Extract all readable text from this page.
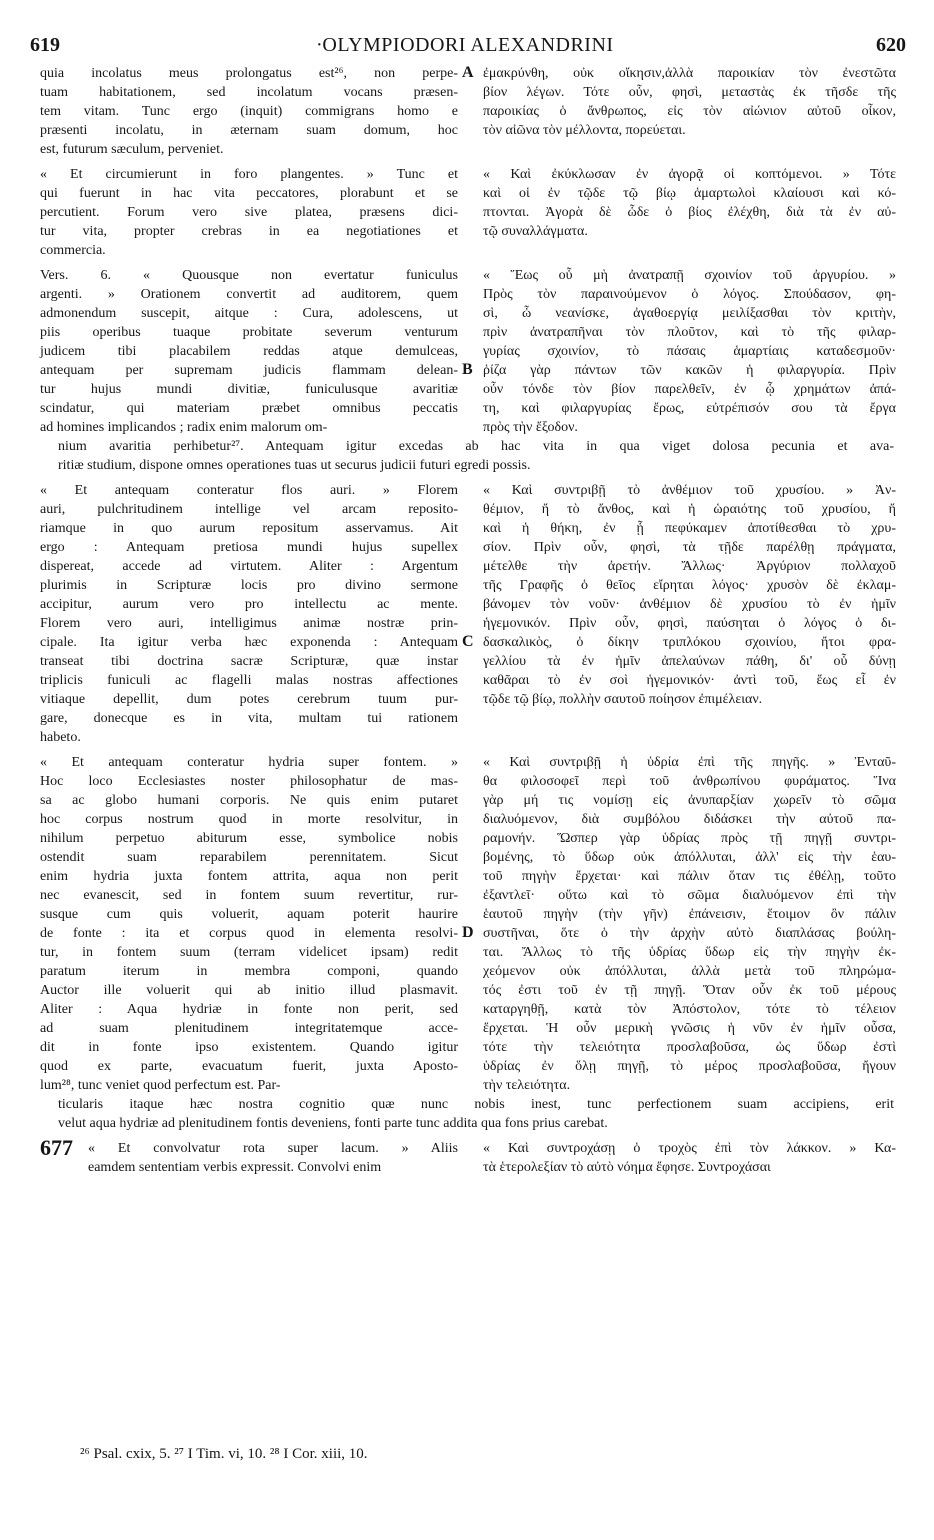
619	· OLYMPIODORI ALEXANDRINI	620
quia incolatus meus prolongatus est²⁶, non perpe-
tuam habitationem, sed incolatum vocans præsen-
tem vitam. Tunc ergo (inquit) commigrans homo e
præsenti incolatu, in æternam suam domum, hoc
est, futurum sæculum, perveniet.
ἐμακρύνθη, οὐκ οἴκησιν,ἀλλὰ παροικίαν τὸν ἐνεστῶτα
βίον λέγων. Τότε οὖν, φησὶ, μεταστὰς ἐκ τῆσδε τῆς
παροικίας ὁ ἄνθρωπος, εἰς τὸν αἰώνιον αὐτοῦ οἶκον,
τὸν αἰῶνα τὸν μέλλοντα, πορεύεται.
A
« Et circumierunt in foro plangentes. » Tunc et
qui fuerunt in hac vita peccatores, plorabunt et se
percutient. Forum vero sive platea, præsens dici-
tur vita, propter crebras in ea negotiationes et
commercia.
« Καὶ ἐκύκλωσαν ἐν ἀγορᾷ οἱ κοπτόμενοι. » Τότε
καὶ οἱ ἐν τῷδε τῷ βίῳ ἁμαρτωλοὶ κλαίουσι καὶ κό-
πτονται. Ἀγορὰ δὲ ὧδε ὁ βίος ἐλέχθη, διὰ τὰ ἐν αὐ-
τῷ συναλλάγματα.
Vers. 6. « Quousque non evertatur funiculus
argenti. » Orationem convertit ad auditorem, quem
admonendum suscepit, aitque : Cura, adolescens, ut
piis operibus tuaque probitate severum venturum
judicem tibi placabilem reddas atque demulceas,
antequam per supremam judicis flammam delean-
tur hujus mundi divitiæ, funiculusque avaritiæ
scindatur, qui materiam præbet omnibus peccatis
ad homines implicandos ; radix enim malorum om-
« Ἕως οὗ μὴ ἀνατραπῇ σχοινίον τοῦ ἀργυρίου. »
Πρὸς τὸν παραινούμενον ὁ λόγος. Σπούδασον, φη-
σὶ, ὦ νεανίσκε, ἀγαθοεργίᾳ μειλίξασθαι τὸν κριτὴν,
πρὶν ἀνατραπῆναι τὸν πλοῦτον, καὶ τὸ τῆς φιλαρ-
γυρίας σχοινίον, τὸ πάσαις ἁμαρτίαις καταδεσμοῦν·
ῥίζα γὰρ πάντων τῶν κακῶν ἡ φιλαργυρία. Πρὶν
οὖν τόνδε τὸν βίον παρελθεῖν, ἐν ᾧ χρημάτων ἀπά-
τη, καὶ φιλαργυρίας ἔρως, εὐτρέπισόν σου τὰ ἔργα
πρὸς τὴν ἔξοδον.
nium avaritia perhibetur²⁷. Antequam igitur excedas ab hac vita in qua viget dolosa pecunia et ava-
ritiæ studium, dispone omnes operationes tuas ut securus judicii futuri egredi possis.
B
« Et antequam conteratur flos auri. » Florem
auri, pulchritudinem intellige vel arcam reposito-
riamque in quo aurum repositum asservamus. Ait
ergo : Antequam pretiosa mundi hujus supellex
dispereat, accede ad virtutem. Aliter : Argentum
plurimis in Scripturæ locis pro divino sermone
accipitur, aurum vero pro intellectu ac mente.
Florem vero auri, intelligimus animæ nostræ prin-
cipale. Ita igitur verba hæc exponenda : Antequam
transeat tibi doctrina sacræ Scripturæ, quæ instar
triplicis funiculi ac flagelli malas nostras affectiones
vitiaque depellit, dum potes cerebrum tuum pur-
gare, donecque es in vita, multam tui rationem
habeto.
« Καὶ συντριβῇ τὸ ἀνθέμιον τοῦ χρυσίου. » Ἀν-
θέμιον, ἤ τὸ ἄνθος, καὶ ἡ ὡραιότης τοῦ χρυσίου, ἤ
καὶ ἡ θήκη, ἐν ᾗ πεφύκαμεν ἀποτίθεσθαι τὸ χρυ-
σίον. Πρὶν οὖν, φησὶ, τὰ τῇδε παρέλθῃ πράγματα,
μέτελθε τὴν ἀρετήν. Ἄλλως· Ἀργύριον πολλαχοῦ
τῆς Γραφῆς ὁ θεῖος εἴρηται λόγος· χρυσὸν δὲ ἐκλαμ-
βάνομεν τὸν νοῦν· ἀνθέμιον δὲ χρυσίου τὸ ἐν ἡμῖν
ἡγεμονικόν. Πρὶν οὖν, φησὶ, παύσηται ὁ λόγος ὁ δι-
δασκαλικὸς, ὁ δίκην τριπλόκου σχοινίου, ἤτοι φρα-
γελλίου τὰ ἐν ἡμῖν ἀπελαύνων πάθη, δι' οὗ δύνῃ
καθᾶραι τὸ ἐν σοὶ ἡγεμονικόν· ἀντὶ τοῦ, ἕως εἶ ἐν
τῷδε τῷ βίῳ, πολλὴν σαυτοῦ ποίησον ἐπιμέλειαν.
C
« Et antequam conteratur hydria super fontem. »
Hoc loco Ecclesiastes noster philosophatur de mas-
sa ac globo humani corporis. Ne quis enim putaret
hoc corpus nostrum quod in morte resolvitur, in
nihilum perpetuo abiturum esse, symbolice nobis
ostendit suam reparabilem perennitatem. Sicut
enim hydria juxta fontem attrita, aqua non perit
nec evanescit, sed in fontem suum revertitur, rur-
susque cum quis voluerit, aquam poterit haurire
de fonte : ita et corpus quod in elementa resolvi-
tur, in fontem suum (terram videlicet ipsam) redit
paratum iterum in membra componi, quando
Auctor ille voluerit qui ab initio illud plasmavit.
Aliter : Aqua hydriæ in fonte non perit, sed
ad suam plenitudinem integritatemque acce-
dit in fonte ipso existentem. Quando igitur
quod ex parte, evacuatum fuerit, juxta Aposto-
lum²⁸, tunc veniet quod perfectum est. Par-
« Καὶ συντριβῇ ἡ ὑδρία ἐπὶ τῆς πηγῆς. » Ἐνταῦ-
θα φιλοσοφεῖ περὶ τοῦ ἀνθρωπίνου φυράματος. Ἵνα
γὰρ μή τις νομίσῃ εἰς ἀνυπαρξίαν χωρεῖν τὸ σῶμα
διαλυόμενον, διὰ συμβόλου διδάσκει τὴν αὐτοῦ πα-
ραμονήν. Ὥσπερ γὰρ ὑδρίας πρὸς τῇ πηγῇ συντρι-
βομένης, τὸ ὕδωρ οὐκ ἀπόλλυται, ἀλλ' εἰς τὴν ἑαυ-
τοῦ πηγὴν ἔρχεται· καὶ πάλιν ὅταν τις ἐθέλῃ, τοῦτο
ἐξαντλεῖ· οὕτω καὶ τὸ σῶμα διαλυόμενον ἐπὶ τὴν
ἑαυτοῦ πηγὴν (τὴν γῆν) ἐπάνεισιν, ἕτοιμον ὂν πάλιν
συστῆναι, ὅτε ὁ τὴν ἀρχὴν αὐτὸ διαπλάσας βούλη-
ται. Ἄλλως τὸ τῆς ὑδρίας ὕδωρ εἰς τὴν πηγὴν ἐκ-
χεόμενον οὐκ ἀπόλλυται, ἀλλὰ μετὰ τοῦ πληρώμα-
τός ἐστι τοῦ ἐν τῇ πηγῇ. Ὅταν οὖν ἐκ τοῦ μέρους
καταργηθῇ, κατὰ τὸν Ἀπόστολον, τότε τὸ τέλειον
ἔρχεται. Ἡ οὖν μερικὴ γνῶσις ἡ νῦν ἐν ἡμῖν οὖσα,
τότε τὴν τελειότητα προσλαβοῦσα, ὡς ὕδωρ ἐστὶ
ὑδρίας ἐν ὅλῃ πηγῇ, τὸ μέρος προσλαβοῦσα, ἤγουν
τὴν τελειότητα.
ticularis itaque hæc nostra cognitio quæ nunc nobis inest, tunc perfectionem suam accipiens, erit
velut aqua hydriæ ad plenitudinem fontis deveniens, fonti parte tunc addita qua fons prius carebat.
D
« Et convolvatur rota super lacum. » Aliis
eamdem sententiam verbis expressit. Convolvi enim
« Καὶ συντροχάσῃ ὁ τροχὸς ἐπὶ τὸν λάκκον. » Κα-
τὰ ἑτερολεξίαν τὸ αὐτὸ νόημα ἔφησε. Συντροχάσαι
677
²⁶ Psal. cxix, 5. ²⁷ I Tim. vi, 10. ²⁸ I Cor. xiii, 10.
